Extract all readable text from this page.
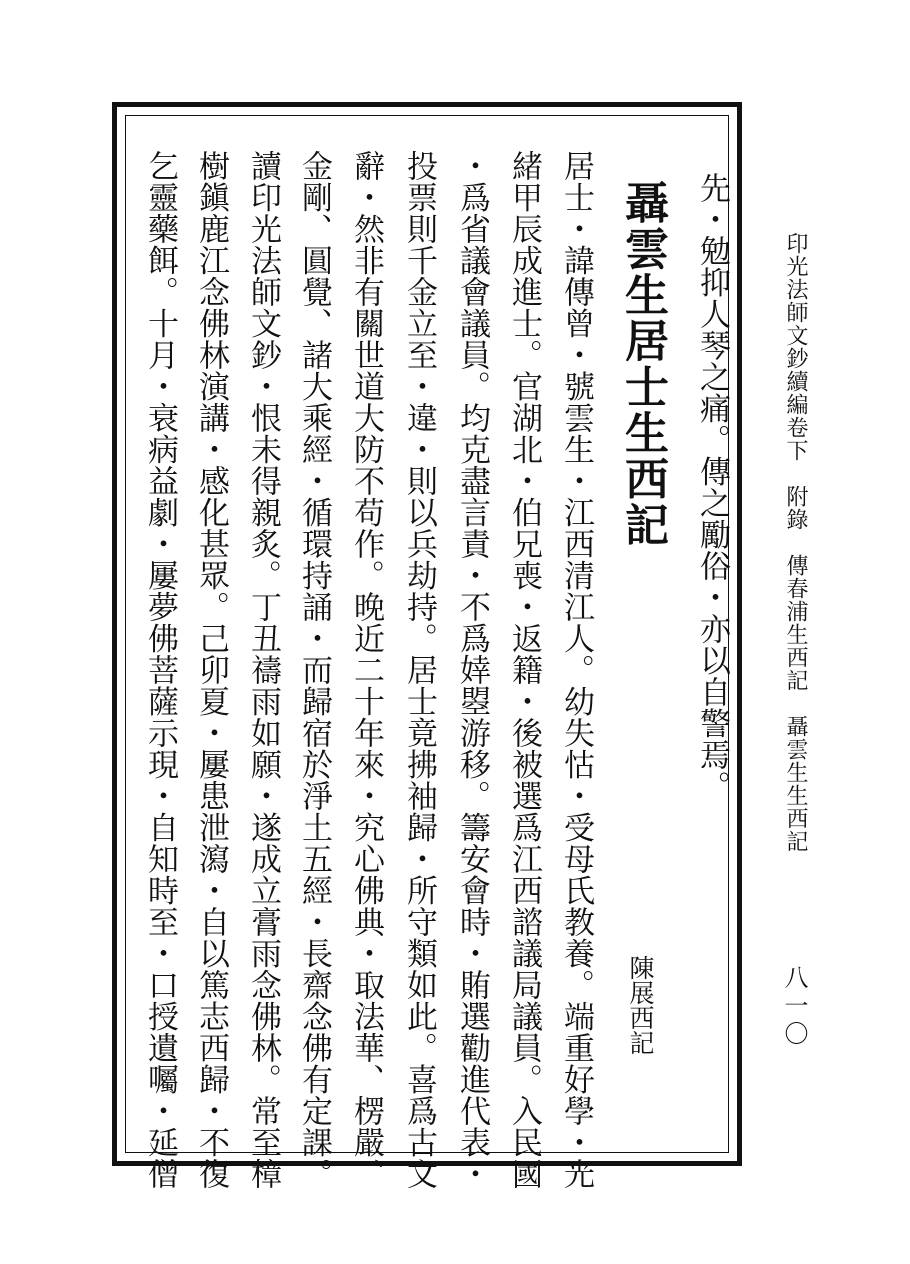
先・勉抑人琴之痛。傳之勵俗・亦以自警焉。
聶雲生居士生西記
陳展西記
居士・諱傳曾・號雲生・江西清江人。幼失怙・受母氏教養。端重好學・光
緒甲辰成進士。官湖北・伯兄喪・返籍・後被選爲江西諮議局議員。入民國
・爲省議會議員。均克盡言責・不爲婞曌游移。籌安會時・賄選勸進代表・
投票則千金立至・違・則以兵劫持。居士竟拂袖歸・所守類如此。喜爲古文
辭・然非有關世道大防不苟作。晚近二十年來・究心佛典・取法華、楞嚴、
金剛、圓覺、諸大乘經・循環持誦・而歸宿於淨土五經・長齋念佛有定課。
讀印光法師文鈔・恨未得親炙。丁丑禱雨如願・遂成立膏雨念佛林。常至樟
樹鎭鹿江念佛林演講・感化甚眾。己卯夏・屢患泄瀉・自以篤志西歸・不復
乞靈藥餌。十月・衰病益劇・屢夢佛菩薩示現・自知時至・口授遺囑・延僧	印光法師文鈔續編卷下　附錄　傳春浦生西記　聶雲生生西記
八一〇
